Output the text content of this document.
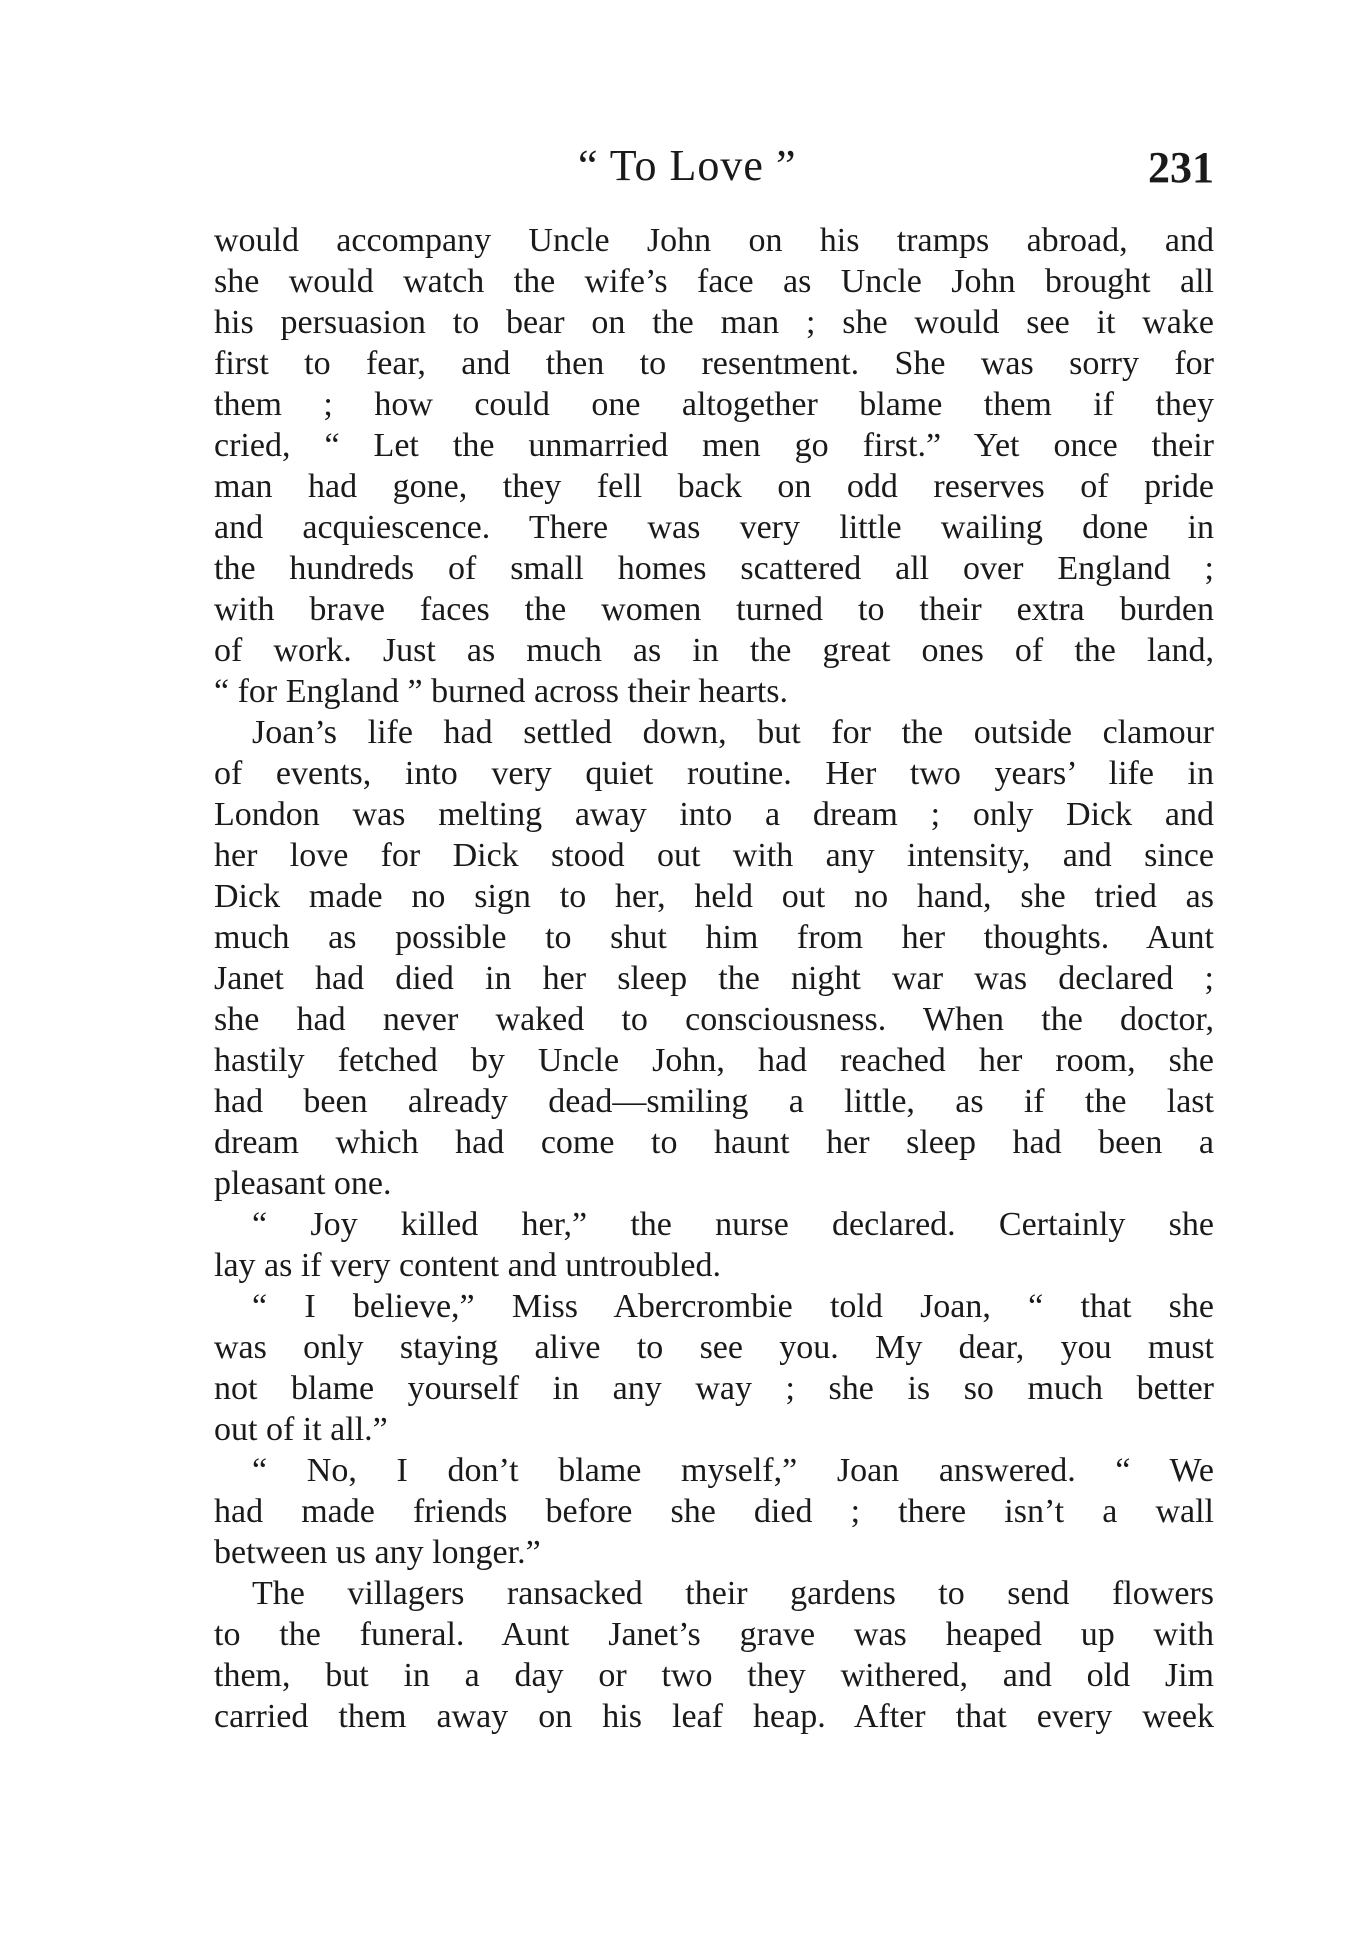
“ To Love ”	231
would accompany Uncle John on his tramps abroad, and
she would watch the wife’s face as Uncle John brought all
his persuasion to bear on the man ; she would see it wake
first to fear, and then to resentment. She was sorry for
them ; how could one altogether blame them if they
cried, “ Let the unmarried men go first.” Yet once their
man had gone, they fell back on odd reserves of pride
and acquiescence. There was very little wailing done in
the hundreds of small homes scattered all over England ;
with brave faces the women turned to their extra burden
of work. Just as much as in the great ones of the land,
“ for England ” burned across their hearts.
Joan’s life had settled down, but for the outside clamour
of events, into very quiet routine. Her two years’ life in
London was melting away into a dream ; only Dick and
her love for Dick stood out with any intensity, and since
Dick made no sign to her, held out no hand, she tried as
much as possible to shut him from her thoughts. Aunt
Janet had died in her sleep the night war was declared ;
she had never waked to consciousness. When the doctor,
hastily fetched by Uncle John, had reached her room, she
had been already dead—smiling a little, as if the last
dream which had come to haunt her sleep had been a
pleasant one.
“ Joy killed her,” the nurse declared. Certainly she
lay as if very content and untroubled.
“ I believe,” Miss Abercrombie told Joan, “ that she
was only staying alive to see you. My dear, you must
not blame yourself in any way ; she is so much better
out of it all.”
“ No, I don’t blame myself,” Joan answered. “ We
had made friends before she died ; there isn’t a wall
between us any longer.”
The villagers ransacked their gardens to send flowers
to the funeral. Aunt Janet’s grave was heaped up with
them, but in a day or two they withered, and old Jim
carried them away on his leaf heap. After that every week
